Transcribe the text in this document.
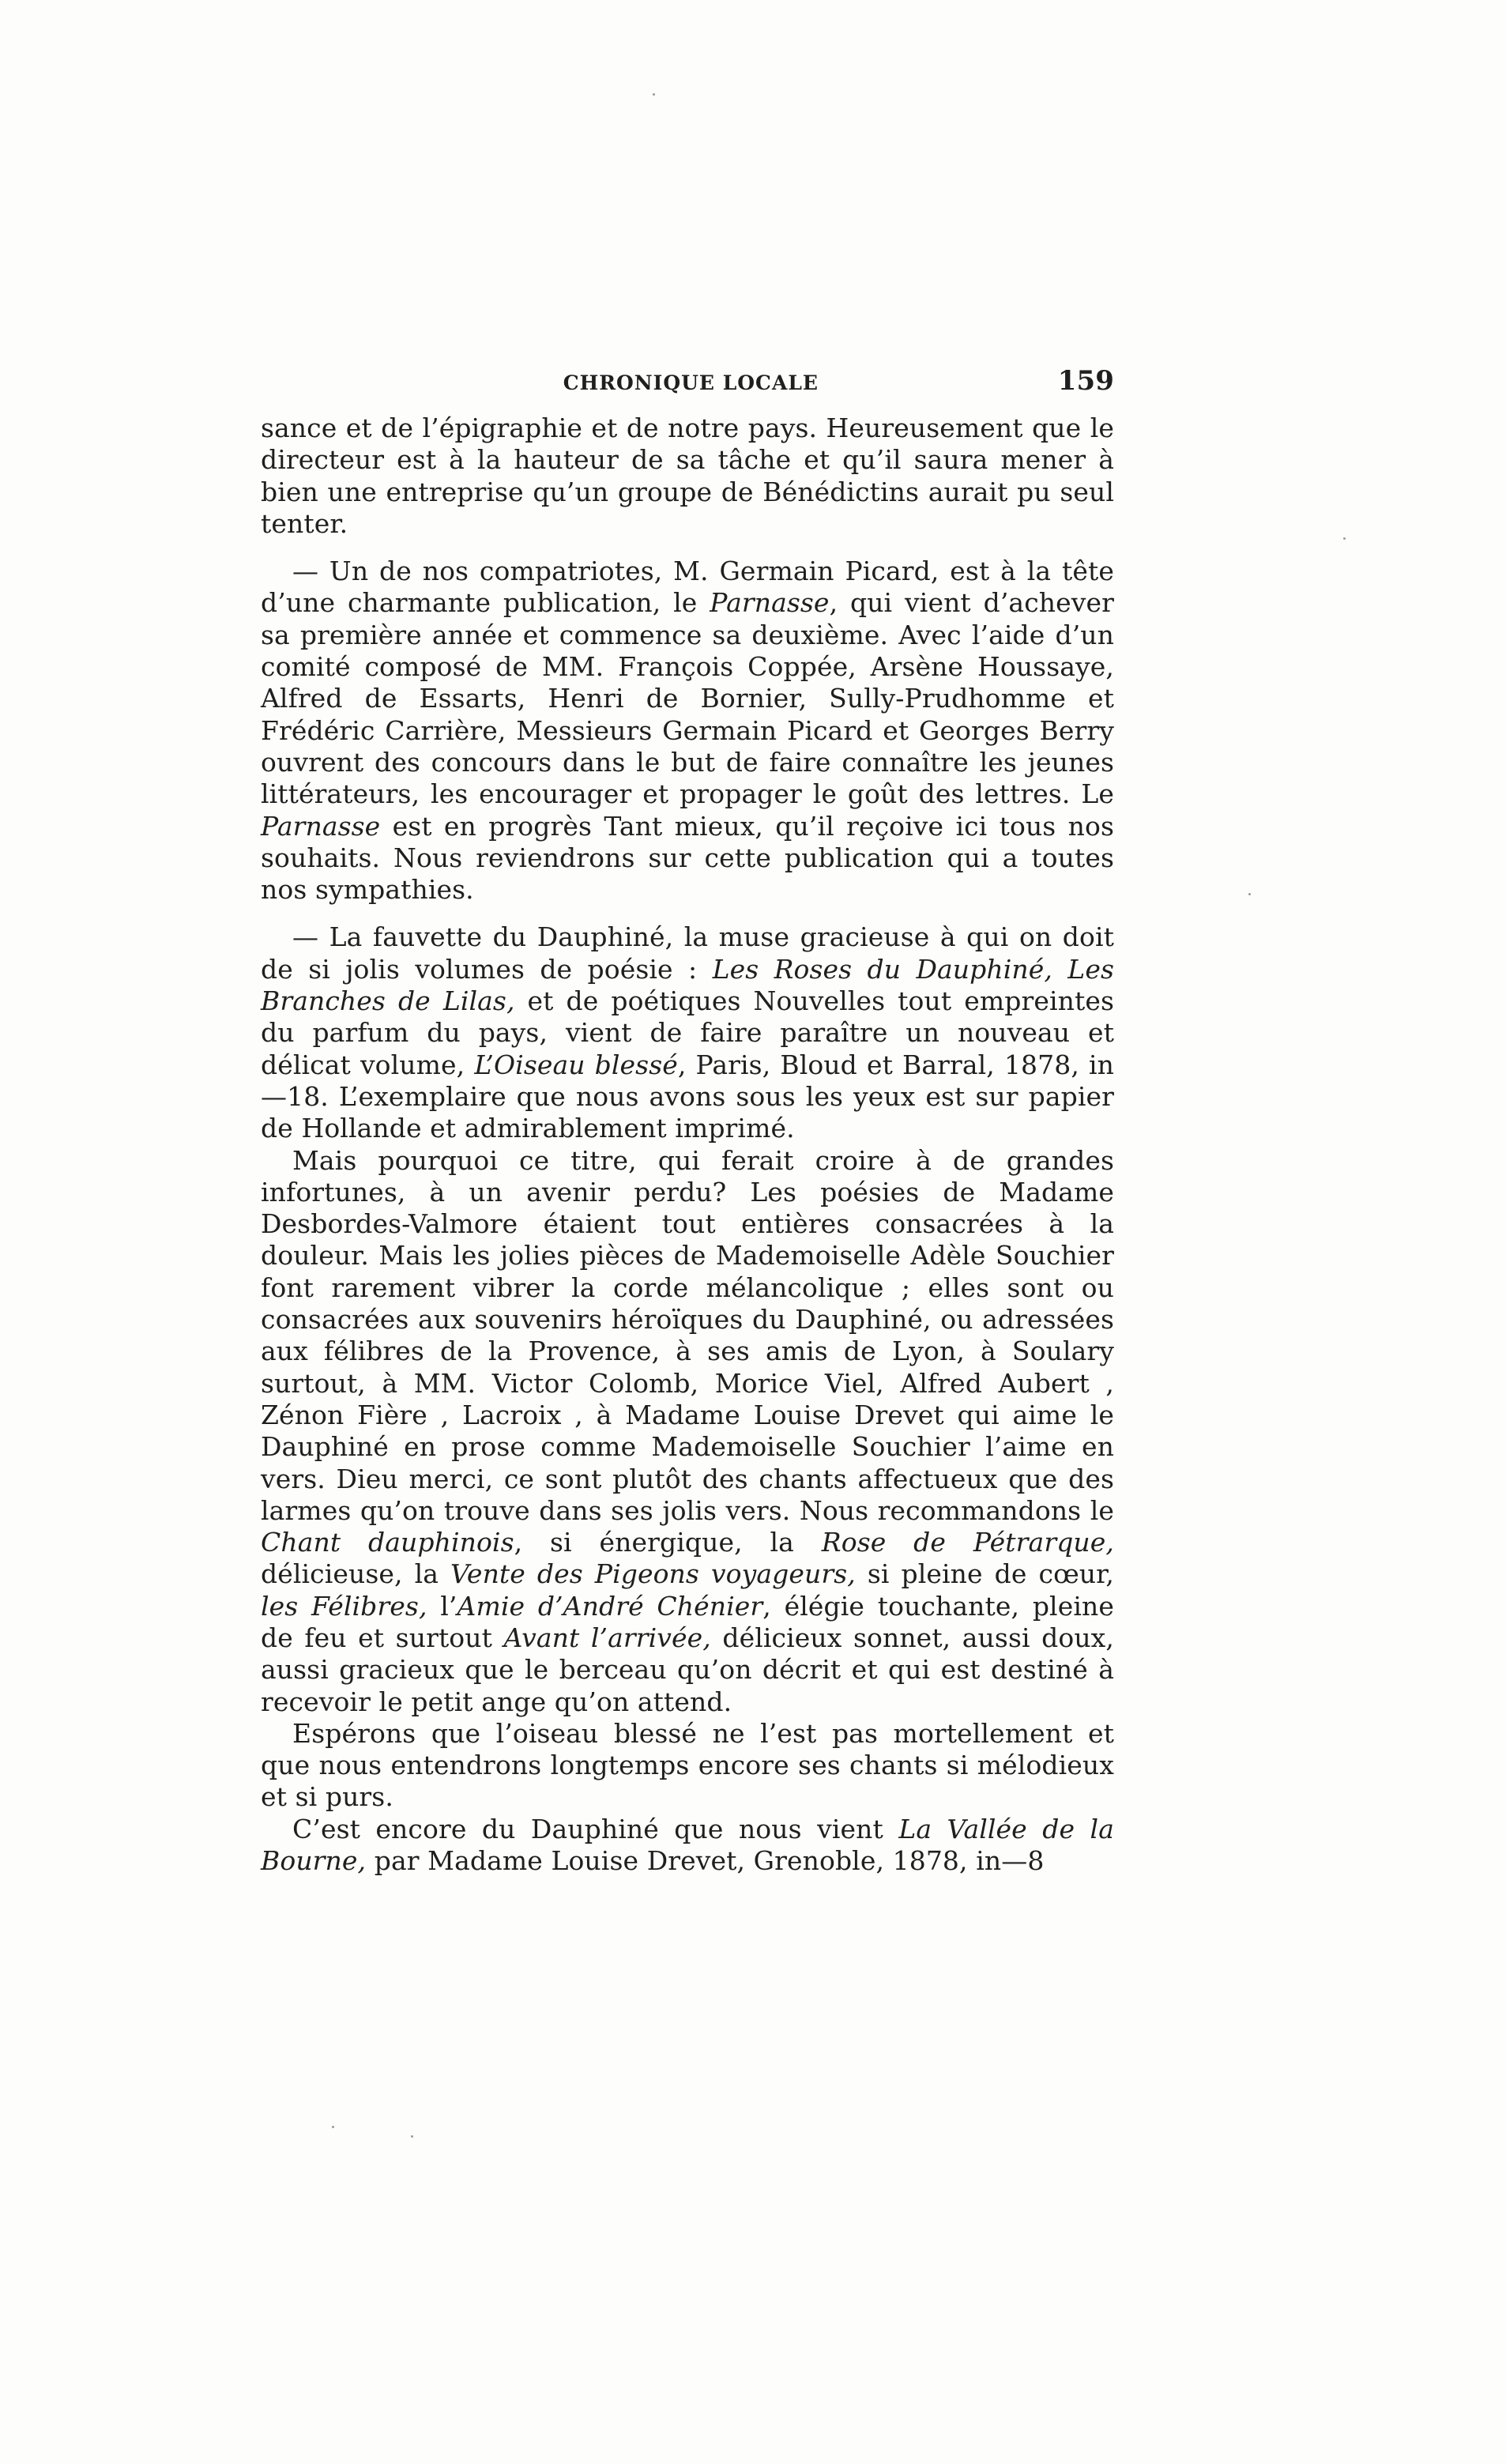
CHRONIQUE LOCALE	159

sance et de l’épigraphie et de notre pays. Heureusement que le directeur est à la hauteur de sa tâche et qu’il saura mener à bien une entreprise qu’un groupe de Bénédictins aurait pu seul tenter.

— Un de nos compatriotes, M. Germain Picard, est à la tête d’une charmante publication, le Parnasse, qui vient d’achever sa première année et commence sa deuxième. Avec l’aide d’un comité composé de MM. François Coppée, Arsène Houssaye, Alfred de Essarts, Henri de Bornier, Sully-Prudhomme et Frédéric Carrière, Messieurs Germain Picard et Georges Berry ouvrent des concours dans le but de faire connaître les jeunes littérateurs, les encourager et propager le goût des lettres. Le Parnasse est en progrès Tant mieux, qu’il reçoive ici tous nos souhaits. Nous reviendrons sur cette publication qui a toutes nos sympathies.

— La fauvette du Dauphiné, la muse gracieuse à qui on doit de si jolis volumes de poésie : Les Roses du Dauphiné, Les Branches de Lilas, et de poétiques Nouvelles tout empreintes du parfum du pays, vient de faire paraître un nouveau et délicat volume, L’Oiseau blessé, Paris, Bloud et Barral, 1878, in—18. L’exemplaire que nous avons sous les yeux est sur papier de Hollande et admirablement imprimé.

Mais pourquoi ce titre, qui ferait croire à de grandes infortunes, à un avenir perdu? Les poésies de Madame Desbordes-Valmore étaient tout entières consacrées à la douleur. Mais les jolies pièces de Mademoiselle Adèle Souchier font rarement vibrer la corde mélancolique ; elles sont ou consacrées aux souvenirs héroïques du Dauphiné, ou adressées aux félibres de la Provence, à ses amis de Lyon, à Soulary surtout, à MM. Victor Colomb, Morice Viel, Alfred Aubert , Zénon Fière , Lacroix , à Madame Louise Drevet qui aime le Dauphiné en prose comme Mademoiselle Souchier l’aime en vers. Dieu merci, ce sont plutôt des chants affectueux que des larmes qu’on trouve dans ses jolis vers. Nous recommandons le Chant dauphinois, si énergique, la Rose de Pétrarque, délicieuse, la Vente des Pigeons voyageurs, si pleine de cœur, les Félibres, l’Amie d’André Chénier, élégie touchante, pleine de feu et surtout Avant l’arrivée, délicieux sonnet, aussi doux, aussi gracieux que le berceau qu’on décrit et qui est destiné à recevoir le petit ange qu’on attend.

Espérons que l’oiseau blessé ne l’est pas mortellement et que nous entendrons longtemps encore ses chants si mélodieux et si purs.

C’est encore du Dauphiné que nous vient La Vallée de la Bourne, par Madame Louise Drevet, Grenoble, 1878, in—8
